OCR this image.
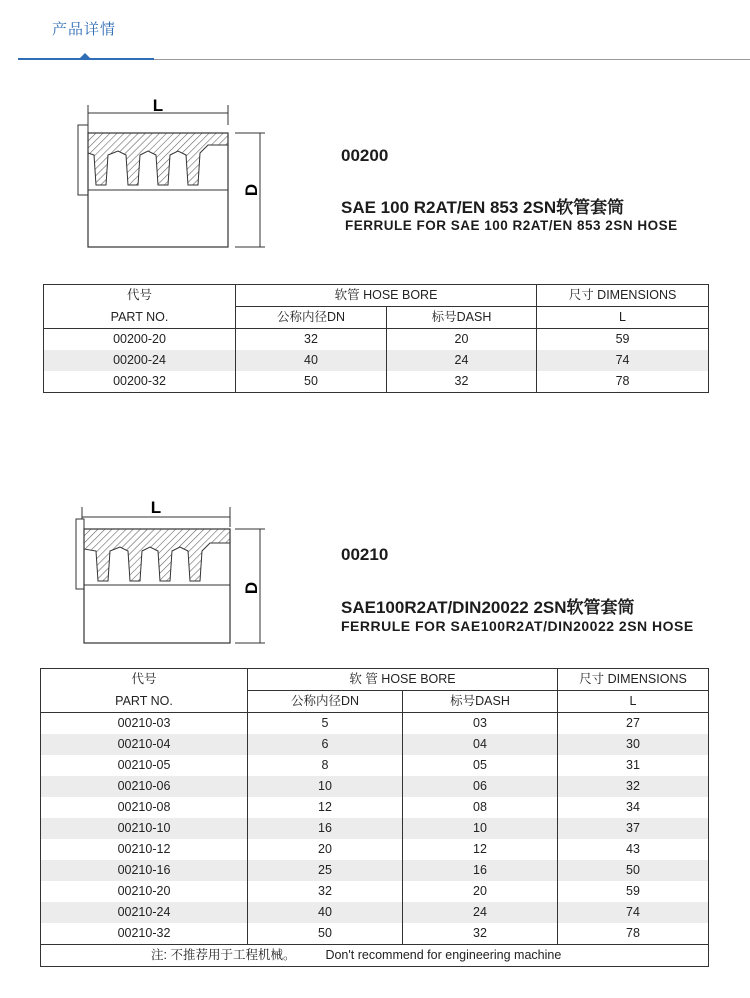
产品详情
L
D
00200
SAE 100 R2AT/EN 853 2SN软管套筒
FERRULE FOR SAE 100 R2AT/EN 853 2SN HOSE
代号	软管 HOSE BORE		尺寸 DIMENSIONS
PART NO.	公称内径DN	标号DASH	L
00200-20	32	20	59
00200-24	40	24	74
00200-32	50	32	78
L
D
00210
SAE100R2AT/DIN20022 2SN软管套筒
FERRULE FOR SAE100R2AT/DIN20022 2SN HOSE
代号	软 管 HOSE BORE		尺寸 DIMENSIONS
PART NO.	公称内径DN	标号DASH	L
00210-03	5	03	27
00210-04	6	04	30
00210-05	8	05	31
00210-06	10	06	32
00210-08	12	08	34
00210-10	16	10	37
00210-12	20	12	43
00210-16	25	16	50
00210-20	32	20	59
00210-24	40	24	74
00210-32	50	32	78
注: 不推荐用于工程机械。 Don't recommend for engineering machine			
